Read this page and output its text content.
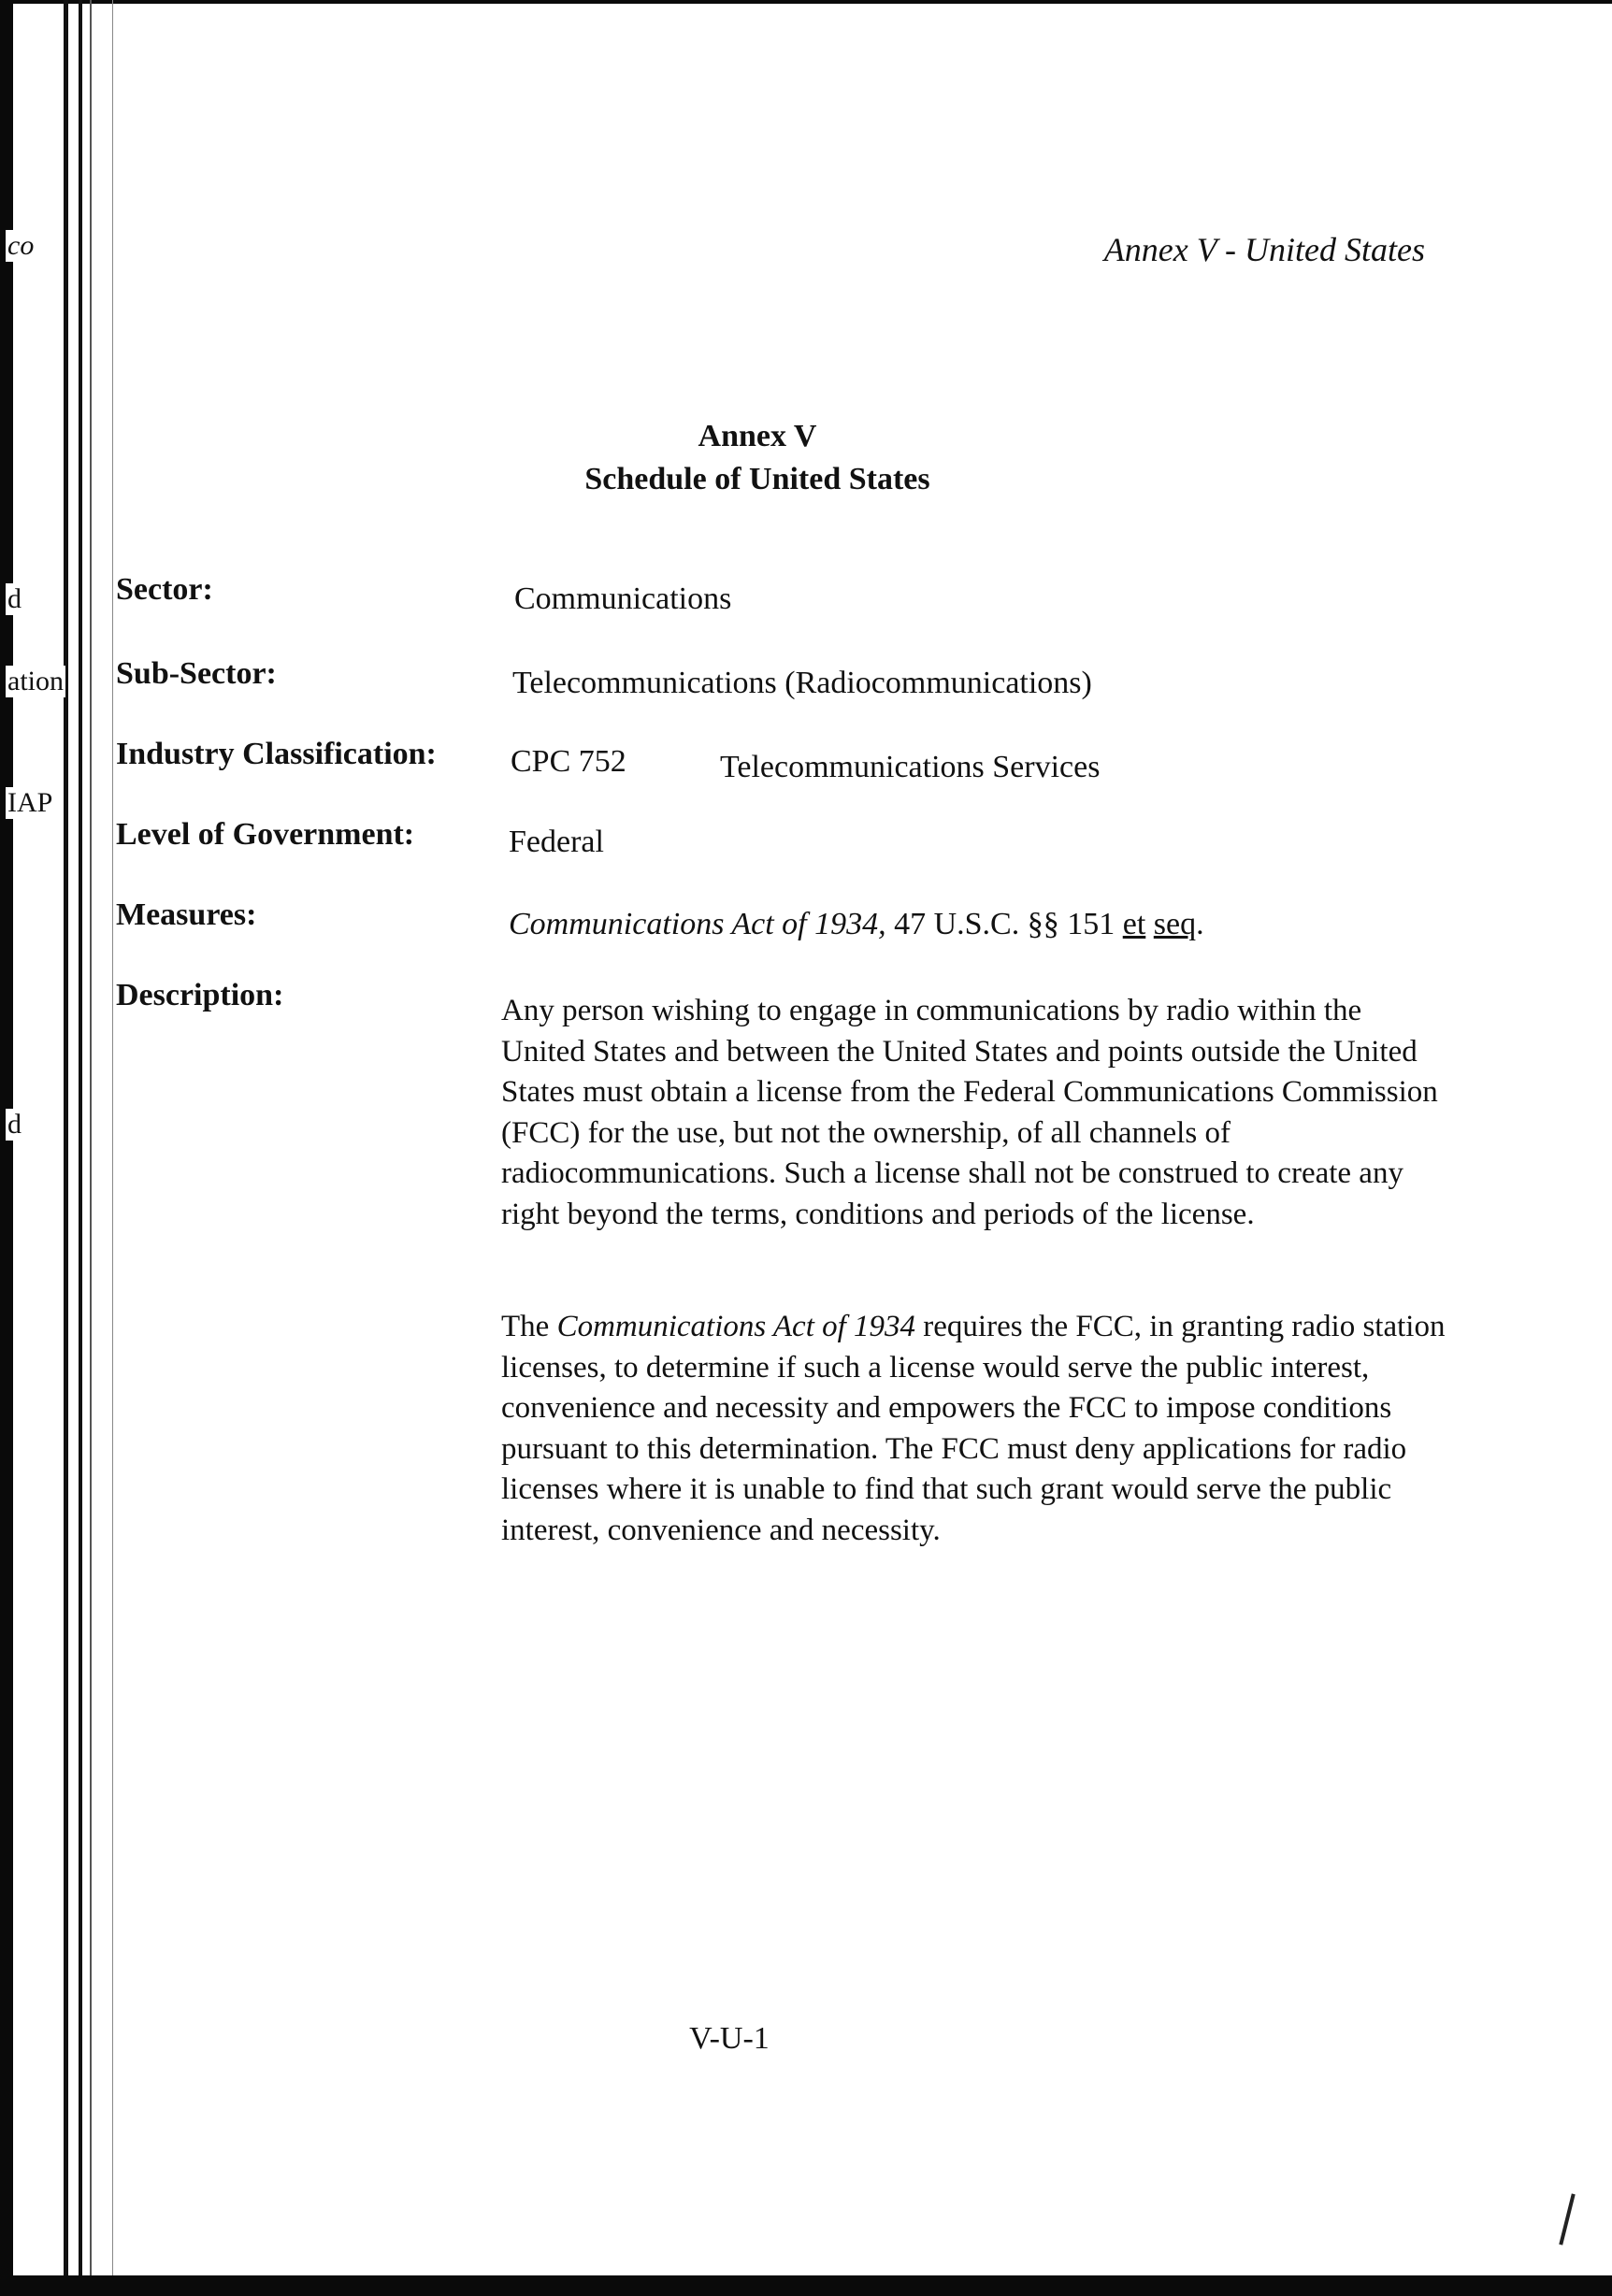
co
d
ation
IAP
d
Annex V - United States
Annex V
Schedule of United States
Sector:	Communications
Sub-Sector:	Telecommunications (Radiocommunications)
Industry Classification: CPC 752	Telecommunications Services
Level of Government:	Federal
Measures:	Communications Act of 1934, 47 U.S.C. §§ 151 et seq.
Description:	Any person wishing to engage in communications by radio within the United States and between the United States and points outside the United States must obtain a license from the Federal Communications Commission (FCC) for the use, but not the ownership, of all channels of radiocommunications. Such a license shall not be construed to create any right beyond the terms, conditions and periods of the license.
The Communications Act of 1934 requires the FCC, in granting radio station licenses, to determine if such a license would serve the public interest, convenience and necessity and empowers the FCC to impose conditions pursuant to this determination. The FCC must deny applications for radio licenses where it is unable to find that such grant would serve the public interest, convenience and necessity.
V-U-1
